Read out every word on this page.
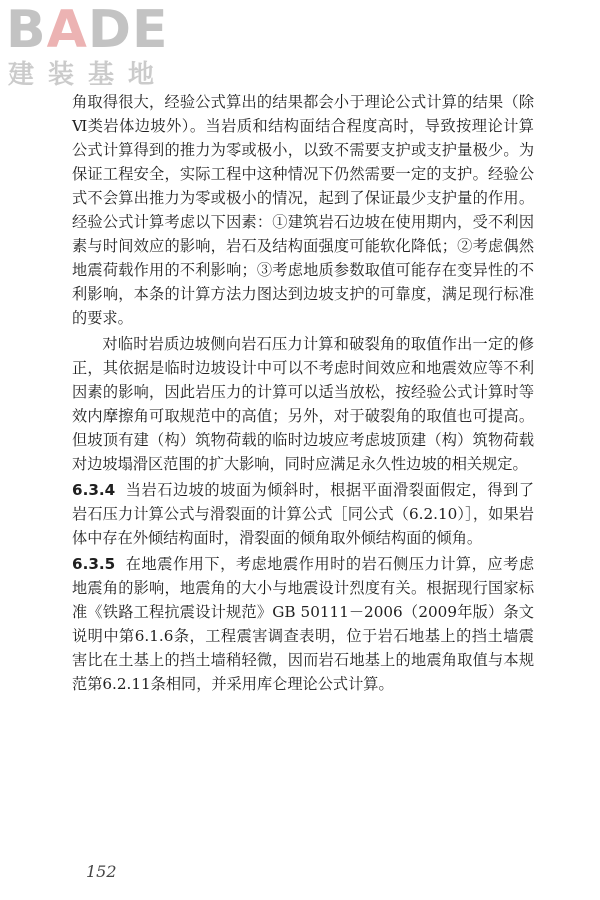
BADE
建装基地

角取得很大，经验公式算出的结果都会小于理论公式计算的结果（除Ⅵ类岩体边坡外）。当岩质和结构面结合程度高时，导致按理论计算公式计算得到的推力为零或极小，以致不需要支护或支护量极少。为保证工程安全，实际工程中这种情况下仍然需要一定的支护。经验公式不会算出推力为零或极小的情况，起到了保证最少支护量的作用。经验公式计算考虑以下因素：①建筑岩石边坡在使用期内，受不利因素与时间效应的影响，岩石及结构面强度可能软化降低；②考虑偶然地震荷载作用的不利影响；③考虑地质参数取值可能存在变异性的不利影响，本条的计算方法力图达到边坡支护的可靠度，满足现行标准的要求。

对临时岩质边坡侧向岩石压力计算和破裂角的取值作出一定的修正，其依据是临时边坡设计中可以不考虑时间效应和地震效应等不利因素的影响，因此岩压力的计算可以适当放松，按经验公式计算时等效内摩擦角可取规范中的高值；另外，对于破裂角的取值也可提高。但坡顶有建（构）筑物荷载的临时边坡应考虑坡顶建（构）筑物荷载对边坡塌滑区范围的扩大影响，同时应满足永久性边坡的相关规定。

6.3.4 当岩石边坡的坡面为倾斜时，根据平面滑裂面假定，得到了岩石压力计算公式与滑裂面的计算公式［同公式（6.2.10）］，如果岩体中存在外倾结构面时，滑裂面的倾角取外倾结构面的倾角。

6.3.5 在地震作用下，考虑地震作用时的岩石侧压力计算，应考虑地震角的影响，地震角的大小与地震设计烈度有关。根据现行国家标准《铁路工程抗震设计规范》GB 50111－2006（2009年版）条文说明中第6.1.6条，工程震害调查表明，位于岩石地基上的挡土墙震害比在土基上的挡土墙稍轻微，因而岩石地基上的地震角取值与本规范第6.2.11条相同，并采用库仑理论公式计算。

152
